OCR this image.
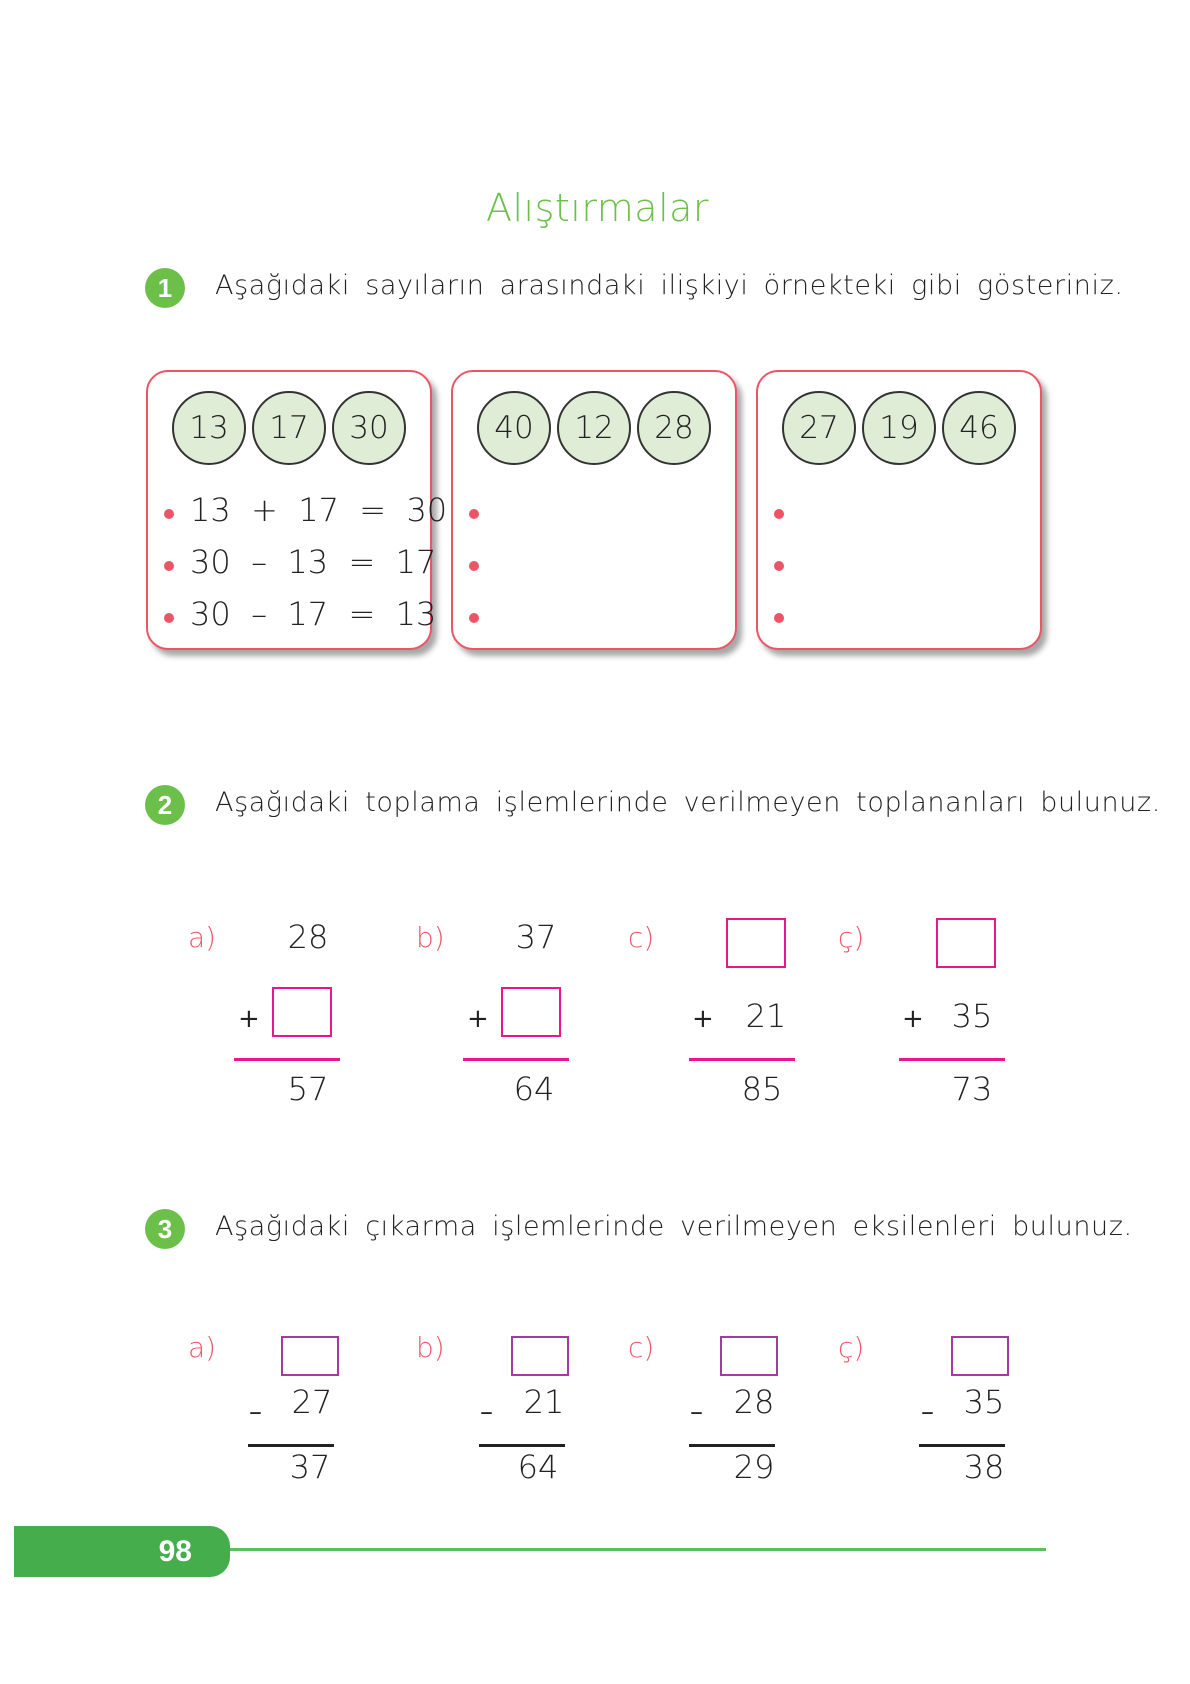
Alıştırmalar
1	Aşağıdaki sayıların arasındaki ilişkiyi örnekteki gibi gösteriniz.
13	17	30
13  +  17  =  30
30  –  13  =  17
30  –  17  =  13
40	12	28	27	19	46
2	Aşağıdaki toplama işlemlerinde verilmeyen toplananları bulunuz.
a)	28
+
57
b)	37
+
64
c)
+ 21
85
ç)
+ 35
73
3	Aşağıdaki çıkarma işlemlerinde verilmeyen eksilenleri bulunuz.
a)
– 27
37
b)
– 21
64
c)
– 28
29
ç)
– 35
38
98
